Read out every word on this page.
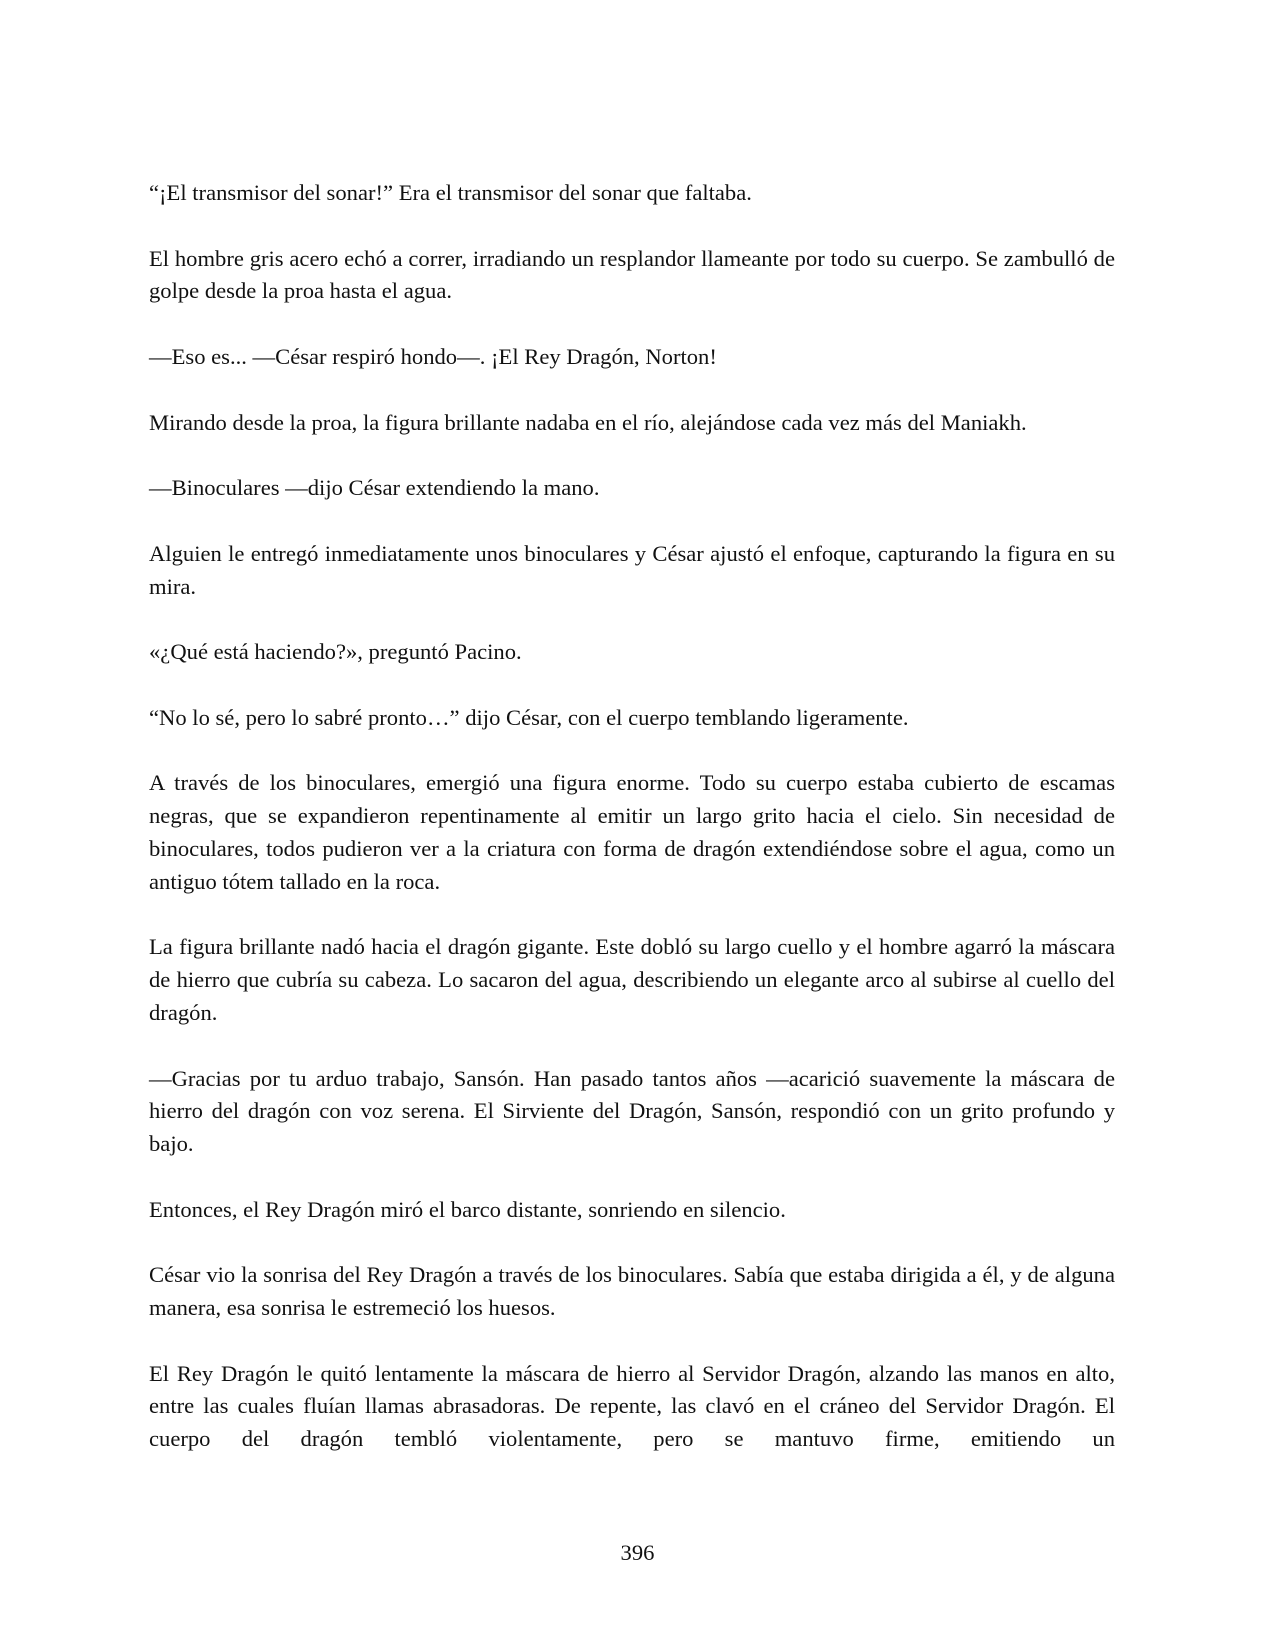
“¡El transmisor del sonar!” Era el transmisor del sonar que faltaba.

El hombre gris acero echó a correr, irradiando un resplandor llameante por todo su cuerpo. Se zambulló de golpe desde la proa hasta el agua.

—Eso es... —César respiró hondo—. ¡El Rey Dragón, Norton!

Mirando desde la proa, la figura brillante nadaba en el río, alejándose cada vez más del Maniakh.

—Binoculares —dijo César extendiendo la mano.

Alguien le entregó inmediatamente unos binoculares y César ajustó el enfoque, capturando la figura en su mira.

«¿Qué está haciendo?», preguntó Pacino.

“No lo sé, pero lo sabré pronto…” dijo César, con el cuerpo temblando ligeramente.

A través de los binoculares, emergió una figura enorme. Todo su cuerpo estaba cubierto de escamas negras, que se expandieron repentinamente al emitir un largo grito hacia el cielo. Sin necesidad de binoculares, todos pudieron ver a la criatura con forma de dragón extendiéndose sobre el agua, como un antiguo tótem tallado en la roca.

La figura brillante nadó hacia el dragón gigante. Este dobló su largo cuello y el hombre agarró la máscara de hierro que cubría su cabeza. Lo sacaron del agua, describiendo un elegante arco al subirse al cuello del dragón.

—Gracias por tu arduo trabajo, Sansón. Han pasado tantos años —acarició suavemente la máscara de hierro del dragón con voz serena. El Sirviente del Dragón, Sansón, respondió con un grito profundo y bajo.

Entonces, el Rey Dragón miró el barco distante, sonriendo en silencio.

César vio la sonrisa del Rey Dragón a través de los binoculares. Sabía que estaba dirigida a él, y de alguna manera, esa sonrisa le estremeció los huesos.

El Rey Dragón le quitó lentamente la máscara de hierro al Servidor Dragón, alzando las manos en alto, entre las cuales fluían llamas abrasadoras. De repente, las clavó en el cráneo del Servidor Dragón. El cuerpo del dragón tembló violentamente, pero se mantuvo firme, emitiendo un

396
